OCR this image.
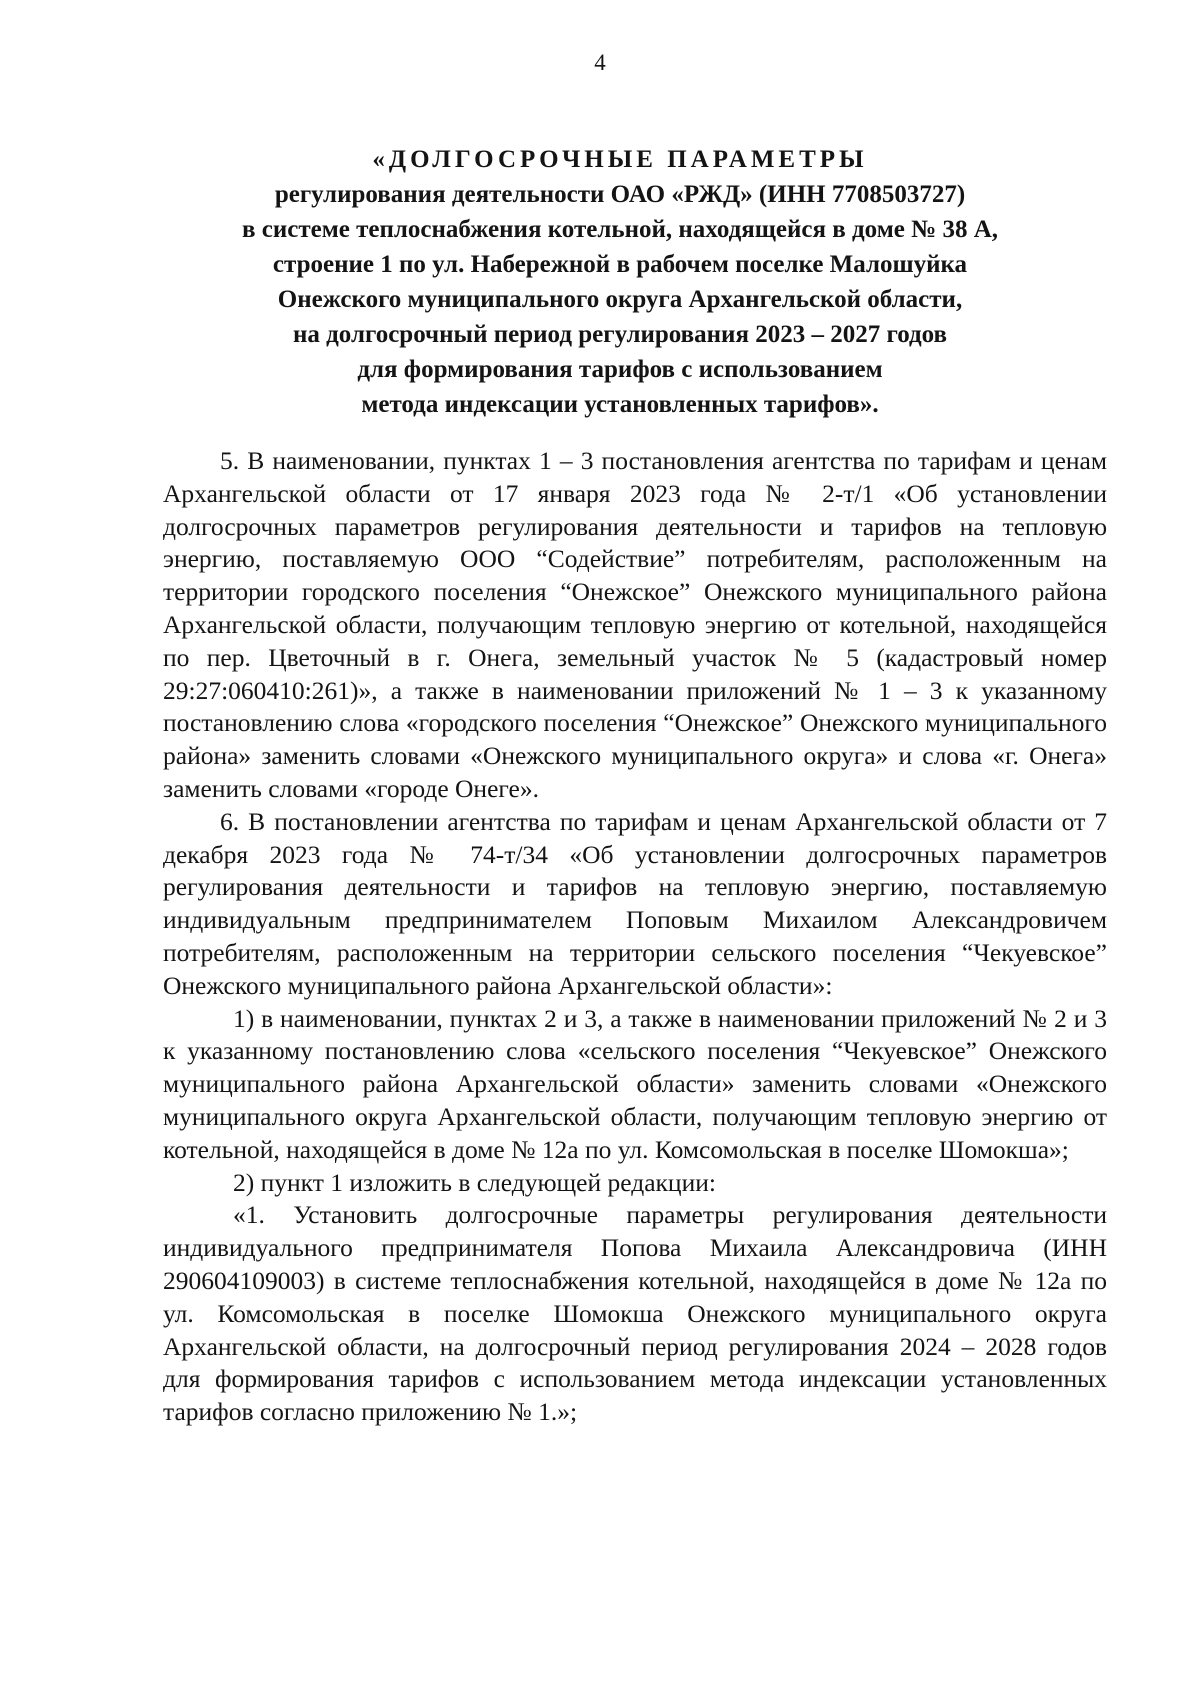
4
«ДОЛГОСРОЧНЫЕ ПАРАМЕТРЫ
регулирования деятельности ОАО «РЖД» (ИНН 7708503727)
в системе теплоснабжения котельной, находящейся в доме № 38 А,
строение 1 по ул. Набережной в рабочем поселке Малошуйка
Онежского муниципального округа Архангельской области,
на долгосрочный период регулирования 2023 – 2027 годов
для формирования тарифов с использованием
метода индексации установленных тарифов».

5. В наименовании, пунктах 1 – 3 постановления агентства по тарифам и ценам Архангельской области от 17 января 2023 года № 2-т/1 «Об установлении долгосрочных параметров регулирования деятельности и тарифов на тепловую энергию, поставляемую ООО “Содействие” потребителям, расположенным на территории городского поселения “Онежское” Онежского муниципального района Архангельской области, получающим тепловую энергию от котельной, находящейся по пер. Цветочный в г. Онега, земельный участок № 5 (кадастровый номер 29:27:060410:261)», а также в наименовании приложений № 1 – 3 к указанному постановлению слова «городского поселения “Онежское” Онежского муниципального района» заменить словами «Онежского муниципального округа» и слова «г. Онега» заменить словами «городе Онеге».

6. В постановлении агентства по тарифам и ценам Архангельской области от 7 декабря 2023 года № 74-т/34 «Об установлении долгосрочных параметров регулирования деятельности и тарифов на тепловую энергию, поставляемую индивидуальным предпринимателем Поповым Михаилом Александровичем потребителям, расположенным на территории сельского поселения “Чекуевское” Онежского муниципального района Архангельской области»:

1) в наименовании, пунктах 2 и 3, а также в наименовании приложений № 2 и 3 к указанному постановлению слова «сельского поселения “Чекуевское” Онежского муниципального района Архангельской области» заменить словами «Онежского муниципального округа Архангельской области, получающим тепловую энергию от котельной, находящейся в доме № 12а по ул. Комсомольская в поселке Шомокша»;

2) пункт 1 изложить в следующей редакции:

«1. Установить долгосрочные параметры регулирования деятельности индивидуального предпринимателя Попова Михаила Александровича (ИНН 290604109003) в системе теплоснабжения котельной, находящейся в доме № 12а по ул. Комсомольская в поселке Шомокша Онежского муниципального округа Архангельской области, на долгосрочный период регулирования 2024 – 2028 годов для формирования тарифов с использованием метода индексации установленных тарифов согласно приложению № 1.»;
